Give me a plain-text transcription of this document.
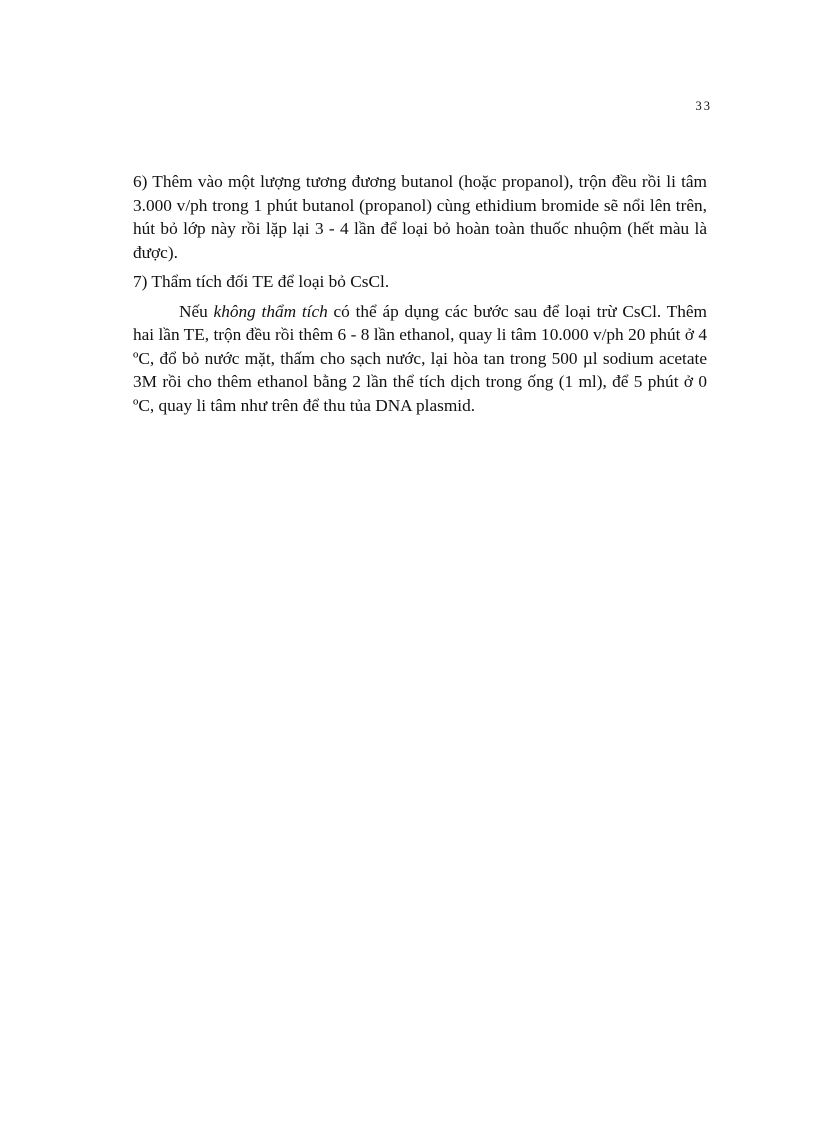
33

6) Thêm vào một lượng tương đương butanol (hoặc propanol), trộn đều rồi li tâm 3.000 v/ph trong 1 phút butanol (propanol) cùng ethidium bromide sẽ nổi lên trên, hút bỏ lớp này rồi lặp lại 3 - 4 lần để loại bỏ hoàn toàn thuốc nhuộm (hết màu là được).

7) Thẩm tích đối TE để loại bỏ CsCl.

Nếu không thẩm tích có thể áp dụng các bước sau để loại trừ CsCl. Thêm hai lần TE, trộn đều rồi thêm 6 - 8 lần ethanol, quay li tâm 10.000 v/ph 20 phút ở 4 ºC, đổ bỏ nước mặt, thấm cho sạch nước, lại hòa tan trong 500 µl sodium acetate 3M rồi cho thêm ethanol bằng 2 lần thể tích dịch trong ống (1 ml), để 5 phút ở 0 ºC, quay li tâm như trên để thu tủa DNA plasmid.
